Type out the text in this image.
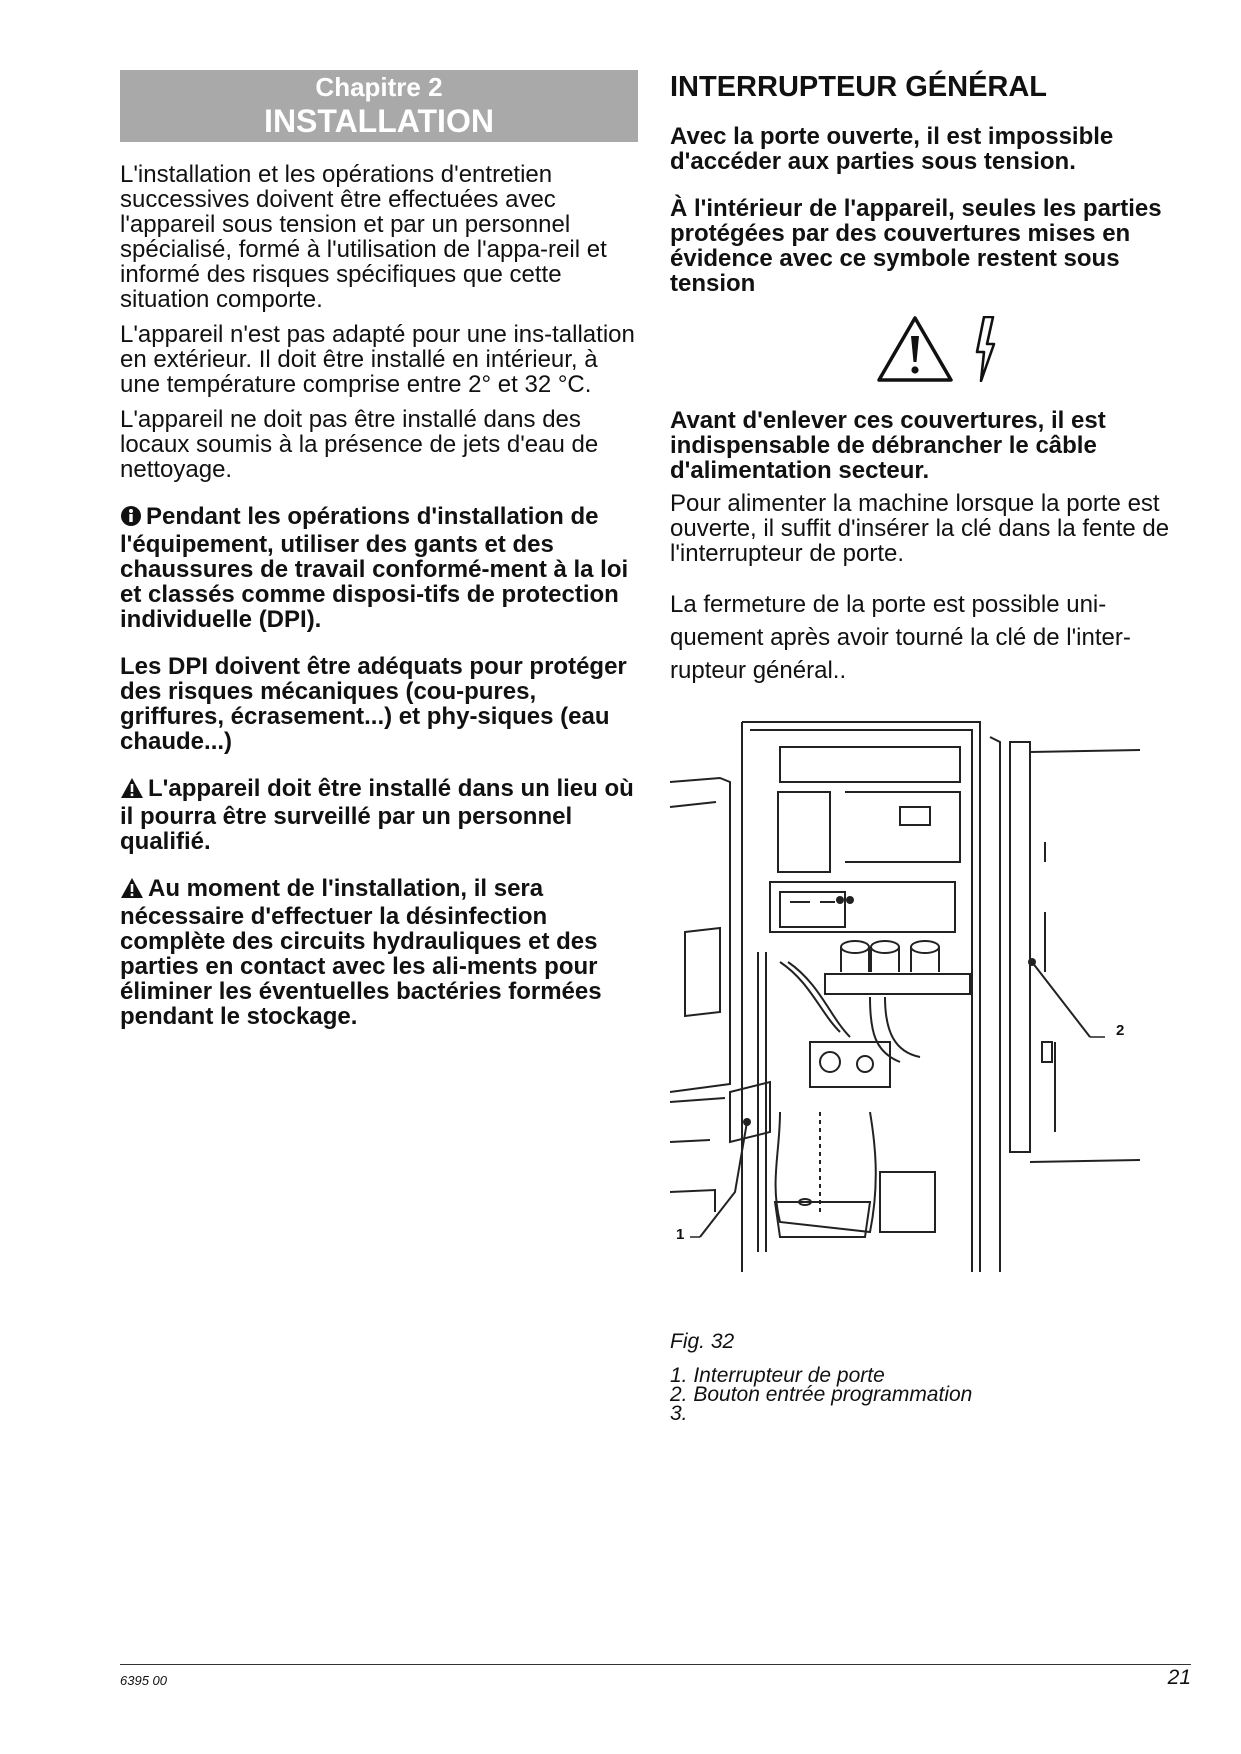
Chapitre 2
INSTALLATION

L'installation et les opérations d'entretien successives doivent être effectuées avec l'appareil sous tension et par un personnel spécialisé, formé à l'utilisation de l'appa-reil et informé des risques spécifiques que cette situation comporte.

L'appareil n'est pas adapté pour une ins-tallation en extérieur. Il doit être installé en intérieur, à une température comprise entre 2° et 32 °C.

L'appareil ne doit pas être installé dans des locaux soumis à la présence de jets d'eau de nettoyage.

Pendant les opérations d'installation de l'équipement, utiliser des gants et des chaussures de travail conformé-ment à la loi et classés comme disposi-tifs de protection individuelle (DPI).

Les DPI doivent être adéquats pour protéger des risques mécaniques (cou-pures, griffures, écrasement...) et phy-siques (eau chaude...)

L'appareil doit être installé dans un lieu où il pourra être surveillé par un personnel qualifié.

Au moment de l'installation, il sera nécessaire d'effectuer la désinfection complète des circuits hydrauliques et des parties en contact avec les ali-ments pour éliminer les éventuelles bactéries formées pendant le stockage.

INTERRUPTEUR GÉNÉRAL

Avec la porte ouverte, il est impossible d'accéder aux parties sous tension.

À l'intérieur de l'appareil, seules les parties protégées par des couvertures mises en évidence avec ce symbole restent sous tension

Avant d'enlever ces couvertures, il est indispensable de débrancher le câble d'alimentation secteur.

Pour alimenter la machine lorsque la porte est ouverte, il suffit d'insérer la clé dans la fente de l'interrupteur de porte.

La fermeture de la porte est possible uni-quement après avoir tourné la clé de l'inter-rupteur général..

2
1

Fig. 32

1. Interrupteur de porte
2. Bouton entrée programmation
3.
6395 00	21
